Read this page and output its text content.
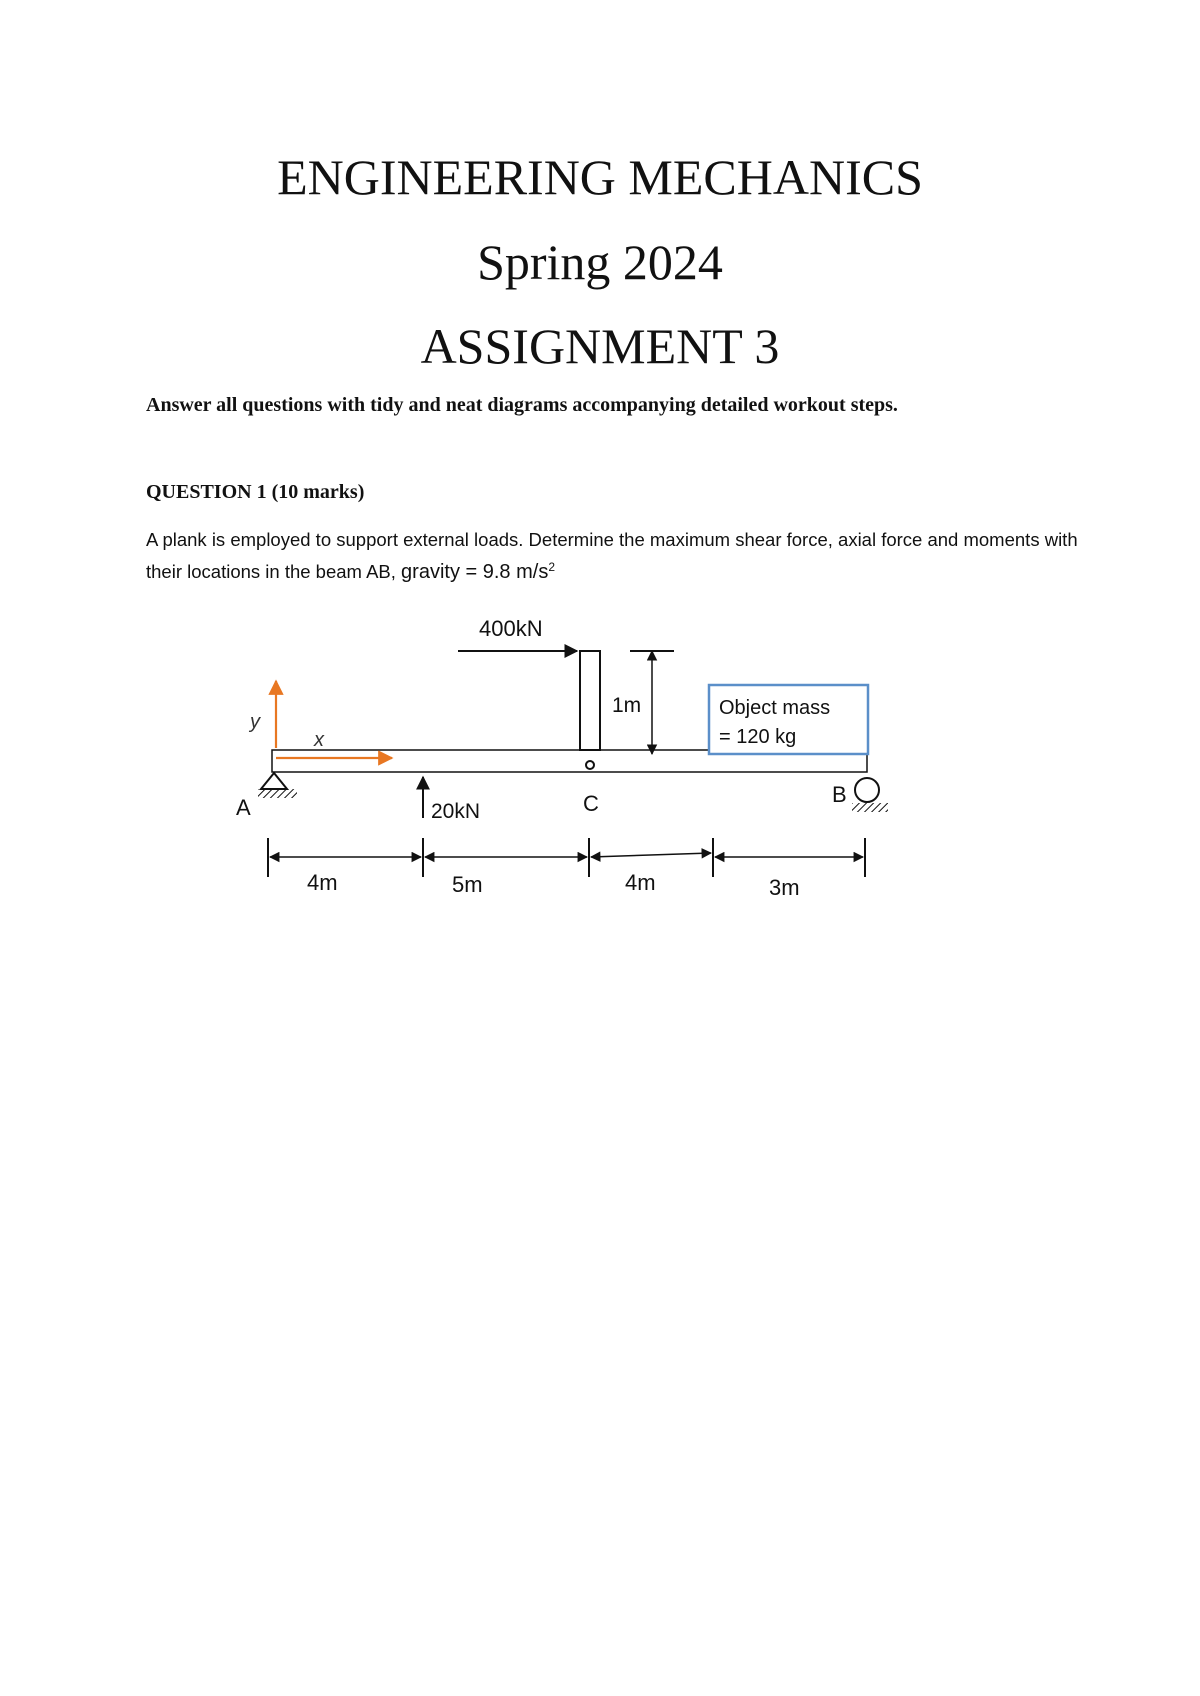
ENGINEERING MECHANICS
Spring 2024
ASSIGNMENT 3
Answer all questions with tidy and neat diagrams accompanying detailed workout steps.
QUESTION 1 (10 marks)
A plank is employed to support external loads. Determine the maximum shear force, axial force and moments with their locations in the beam AB, gravity = 9.8 $m/s^2$
y
x
A
B
C
400kN
1m	Object mass
= 120 kg
20kN
4m	5m	4m	3m
